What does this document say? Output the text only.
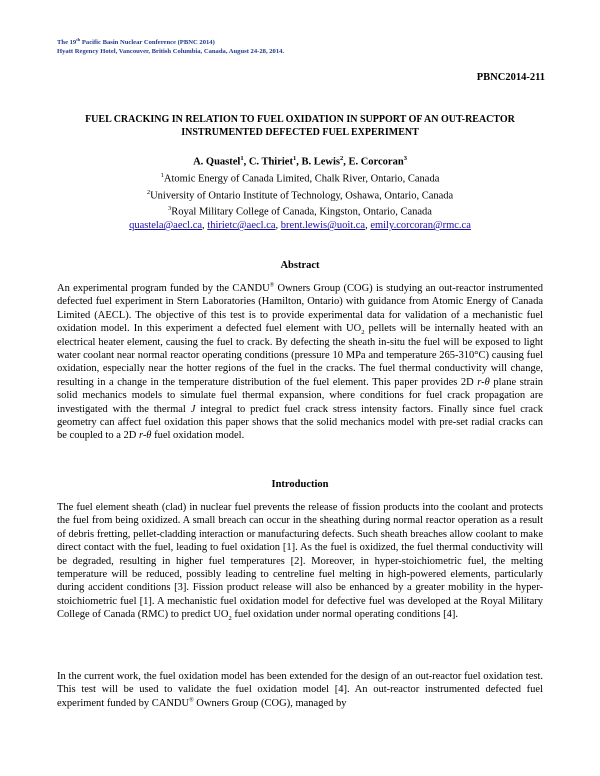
The 19th Pacific Basin Nuclear Conference (PBNC 2014)
Hyatt Regency Hotel, Vancouver, British Columbia, Canada, August 24-28, 2014.
PBNC2014-211
FUEL CRACKING IN RELATION TO FUEL OXIDATION IN SUPPORT OF AN OUT-REACTOR INSTRUMENTED DEFECTED FUEL EXPERIMENT
A. Quastel$^1$, C. Thiriet$^1$, B. Lewis$^2$, E. Corcoran$^3$
$^1$Atomic Energy of Canada Limited, Chalk River, Ontario, Canada
$^2$University of Ontario Institute of Technology, Oshawa, Ontario, Canada
$^3$Royal Military College of Canada, Kingston, Ontario, Canada
quastela@aecl.ca, thirietc@aecl.ca, brent.lewis@uoit.ca, emily.corcoran@rmc.ca
Abstract
An experimental program funded by the CANDU® Owners Group (COG) is studying an out-reactor instrumented defected fuel experiment in Stern Laboratories (Hamilton, Ontario) with guidance from Atomic Energy of Canada Limited (AECL). The objective of this test is to provide experimental data for validation of a mechanistic fuel oxidation model. In this experiment a defected fuel element with $UO_2$ pellets will be internally heated with an electrical heater element, causing the fuel to crack. By defecting the sheath in-situ the fuel will be exposed to light water coolant near normal reactor operating conditions (pressure 10 MPa and temperature 265-310°C) causing fuel oxidation, especially near the hotter regions of the fuel in the cracks. The fuel thermal conductivity will change, resulting in a change in the temperature distribution of the fuel element. This paper provides 2D r-θ plane strain solid mechanics models to simulate fuel thermal expansion, where conditions for fuel crack propagation are investigated with the thermal J integral to predict fuel crack stress intensity factors. Finally since fuel crack geometry can affect fuel oxidation this paper shows that the solid mechanics model with pre-set radial cracks can be coupled to a 2D r-θ fuel oxidation model.
Introduction
The fuel element sheath (clad) in nuclear fuel prevents the release of fission products into the coolant and protects the fuel from being oxidized. A small breach can occur in the sheathing during normal reactor operation as a result of debris fretting, pellet-cladding interaction or manufacturing defects. Such sheath breaches allow coolant to make direct contact with the fuel, leading to fuel oxidation [1]. As the fuel is oxidized, the fuel thermal conductivity will be degraded, resulting in higher fuel temperatures [2]. Moreover, in hyper-stoichiometric fuel, the melting temperature will be reduced, possibly leading to centreline fuel melting in high-powered elements, particularly during accident conditions [3]. Fission product release will also be enhanced by a greater mobility in the hyper-stoichiometric fuel [1]. A mechanistic fuel oxidation model for defective fuel was developed at the Royal Military College of Canada (RMC) to predict $UO_2$ fuel oxidation under normal operating conditions [4].
In the current work, the fuel oxidation model has been extended for the design of an out-reactor fuel oxidation test. This test will be used to validate the fuel oxidation model [4]. An out-reactor instrumented defected fuel experiment funded by CANDU® Owners Group (COG), managed by
